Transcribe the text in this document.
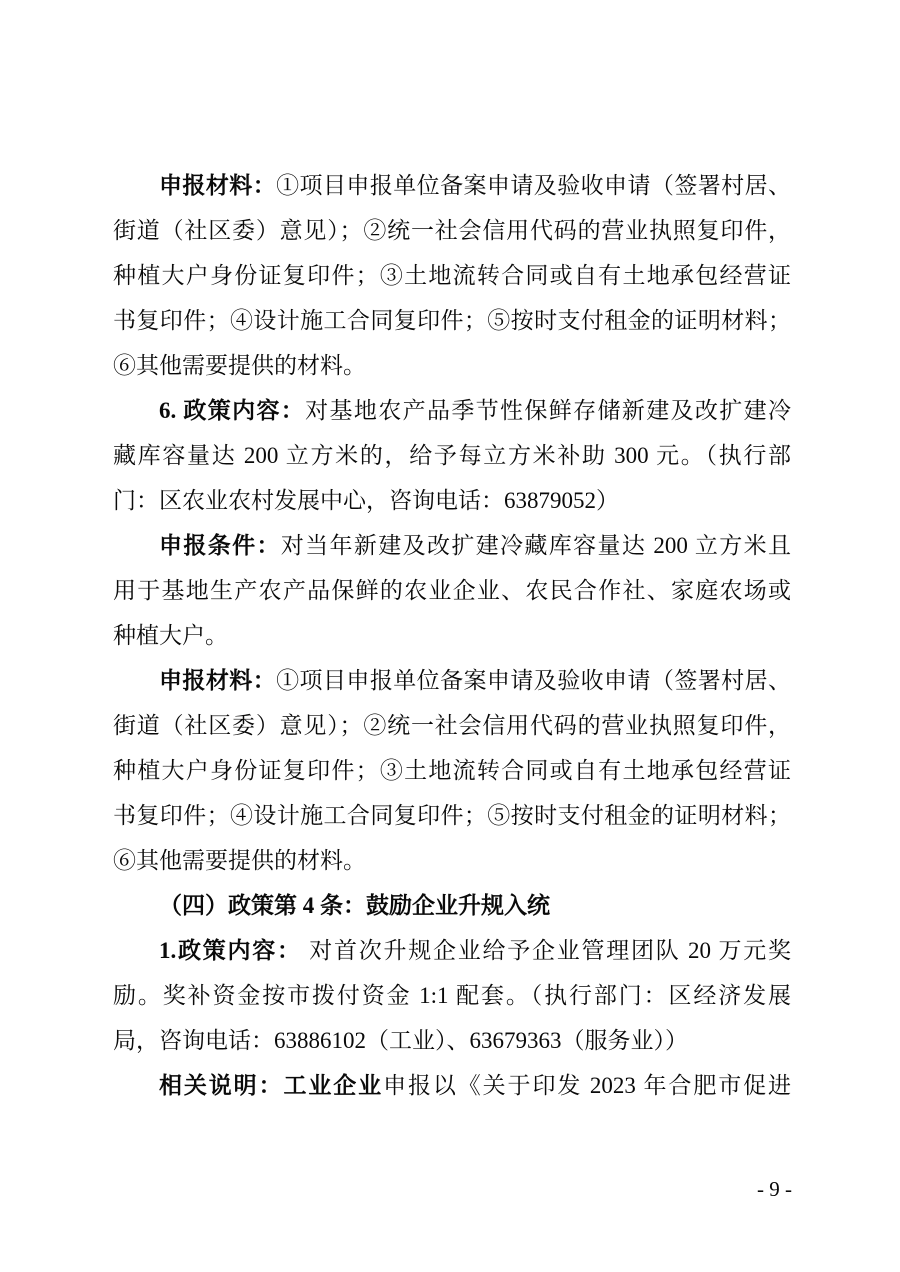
申报材料：①项目申报单位备案申请及验收申请（签署村居、

街道（社区委）意见）；②统一社会信用代码的营业执照复印件，

种植大户身份证复印件；③土地流转合同或自有土地承包经营证

书复印件；④设计施工合同复印件；⑤按时支付租金的证明材料；

⑥其他需要提供的材料。

6. 政策内容：对基地农产品季节性保鲜存储新建及改扩建冷

藏库容量达 200 立方米的，给予每立方米补助 300 元。（执行部

门：区农业农村发展中心，咨询电话：63879052）

申报条件：对当年新建及改扩建冷藏库容量达 200 立方米且

用于基地生产农产品保鲜的农业企业、农民合作社、家庭农场或

种植大户。

申报材料：①项目申报单位备案申请及验收申请（签署村居、

街道（社区委）意见）；②统一社会信用代码的营业执照复印件，

种植大户身份证复印件；③土地流转合同或自有土地承包经营证

书复印件；④设计施工合同复印件；⑤按时支付租金的证明材料；

⑥其他需要提供的材料。

（四）政策第 4 条：鼓励企业升规入统

1.政策内容： 对首次升规企业给予企业管理团队 20 万元奖

励。奖补资金按市拨付资金 1:1 配套。（执行部门：区经济发展

局，咨询电话：63886102（工业）、63679363（服务业））

相关说明：工业企业申报以《关于印发 2023 年合肥市促进

- 9 -
